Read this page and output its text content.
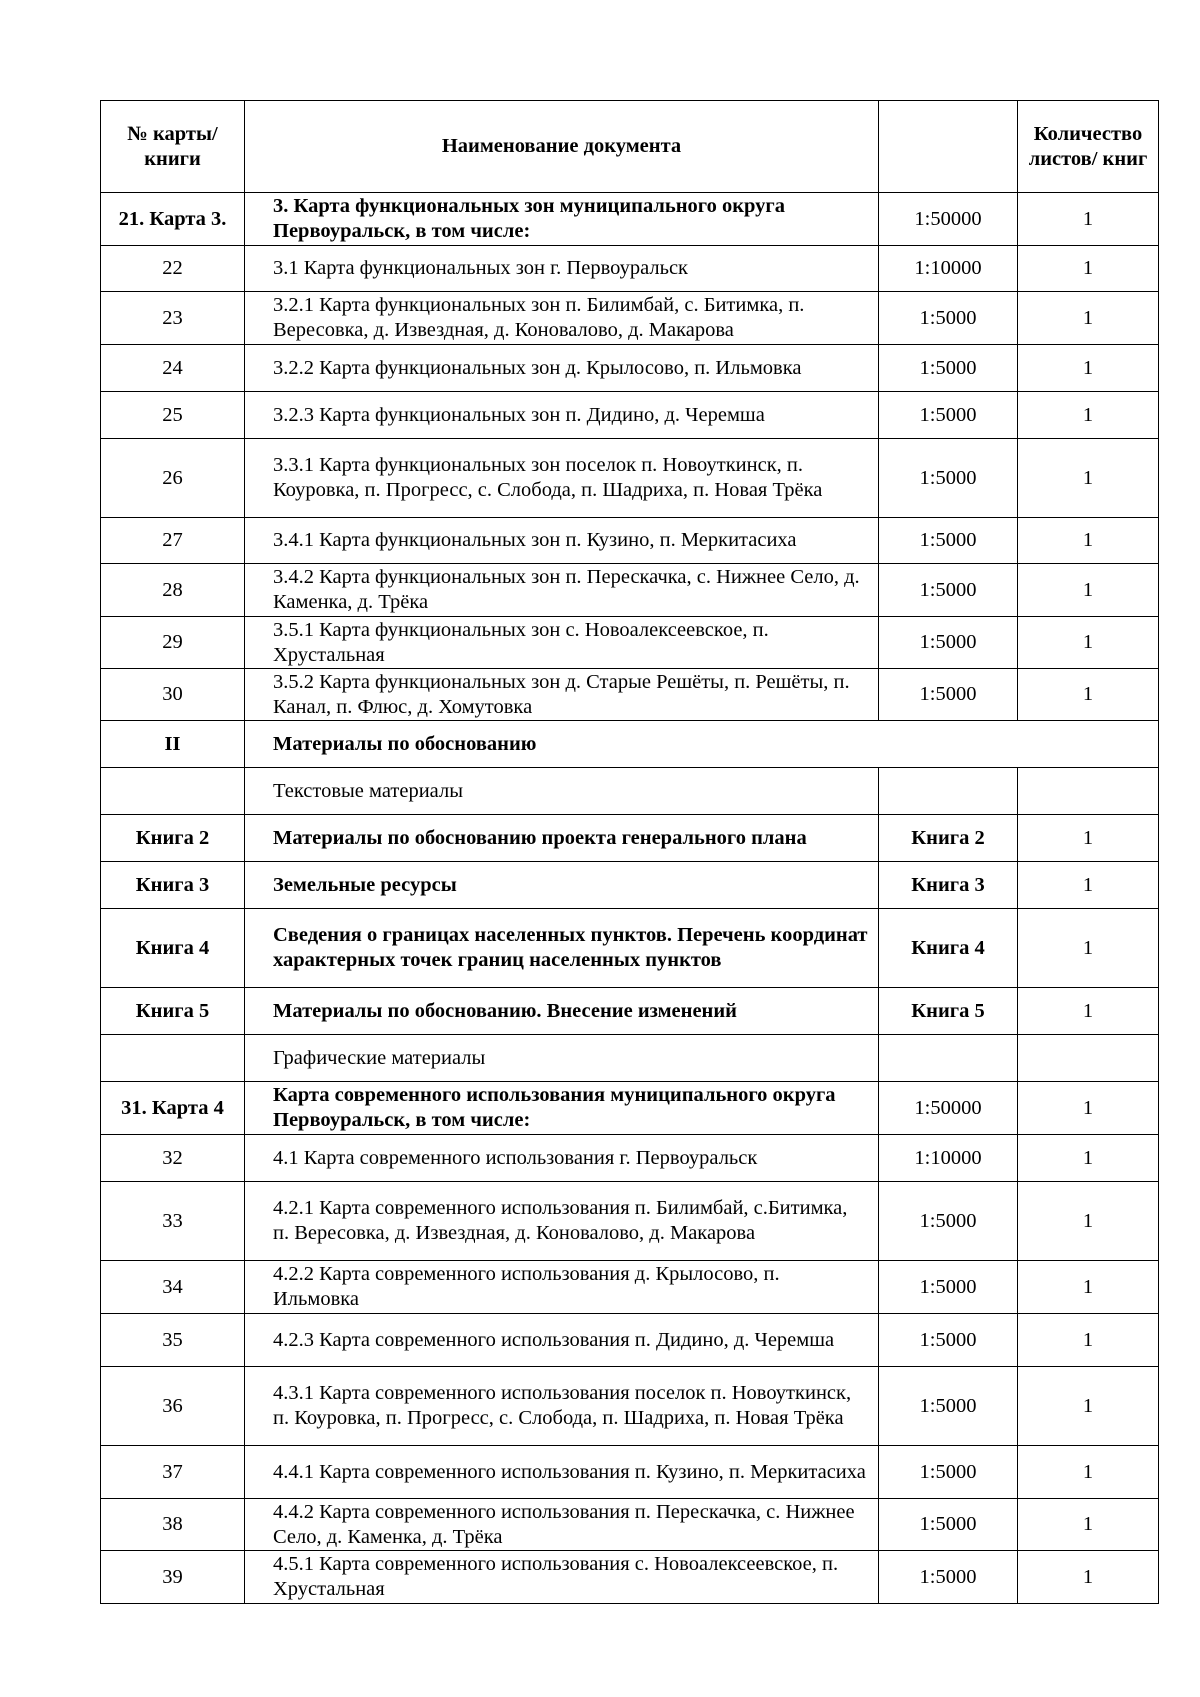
№ карты/ книги	Наименование документа		Количество листов/ книг
21. Карта 3.	3. Карта функциональных зон муниципального округа Первоуральск, в том числе:	1:50000	1
22	3.1 Карта функциональных зон г. Первоуральск	1:10000	1
23	3.2.1 Карта функциональных зон п. Билимбай, с. Битимка, п. Вересовка, д. Извездная, д. Коновалово, д. Макарова	1:5000	1
24	3.2.2 Карта функциональных зон д. Крылосово, п. Ильмовка	1:5000	1
25	3.2.3 Карта функциональных зон п. Дидино, д. Черемша	1:5000	1
26	3.3.1 Карта функциональных зон поселок п. Новоуткинск, п. Коуровка, п. Прогресс, с. Слобода, п. Шадриха, п. Новая Трёка	1:5000	1
27	3.4.1 Карта функциональных зон п. Кузино, п. Меркитасиха	1:5000	1
28	3.4.2 Карта функциональных зон п. Перескачка, с. Нижнее Село, д. Каменка, д. Трёка	1:5000	1
29	3.5.1 Карта функциональных зон с. Новоалексеевское, п. Хрустальная	1:5000	1
30	3.5.2 Карта функциональных зон д. Старые Решёты, п. Решёты, п. Канал, п. Флюс, д. Хомутовка	1:5000	1
II	Материалы по обоснованию		
	Текстовые материалы		
Книга 2	Материалы по обоснованию проекта генерального плана	Книга 2	1
Книга 3	Земельные ресурсы	Книга 3	1
Книга 4	Сведения о границах населенных пунктов. Перечень координат характерных точек границ населенных пунктов	Книга 4	1
Книга 5	Материалы по обоснованию. Внесение изменений	Книга 5	1
	Графические материалы		
31. Карта 4	Карта современного использования муниципального округа Первоуральск, в том числе:	1:50000	1
32	4.1 Карта современного использования г. Первоуральск	1:10000	1
33	4.2.1 Карта современного использования п. Билимбай, с.Битимка, п. Вересовка, д. Извездная, д. Коновалово, д. Макарова	1:5000	1
34	4.2.2 Карта современного использования д. Крылосово, п. Ильмовка	1:5000	1
35	4.2.3 Карта современного использования п. Дидино, д. Черемша	1:5000	1
36	4.3.1 Карта современного использования поселок п. Новоуткинск, п. Коуровка, п. Прогресс, с. Слобода, п. Шадриха, п. Новая Трёка	1:5000	1
37	4.4.1 Карта современного использования п. Кузино, п. Меркитасиха	1:5000	1
38	4.4.2 Карта современного использования п. Перескачка, с. Нижнее Село, д. Каменка, д. Трёка	1:5000	1
39	4.5.1 Карта современного использования с. Новоалексеевское, п. Хрустальная	1:5000	1
